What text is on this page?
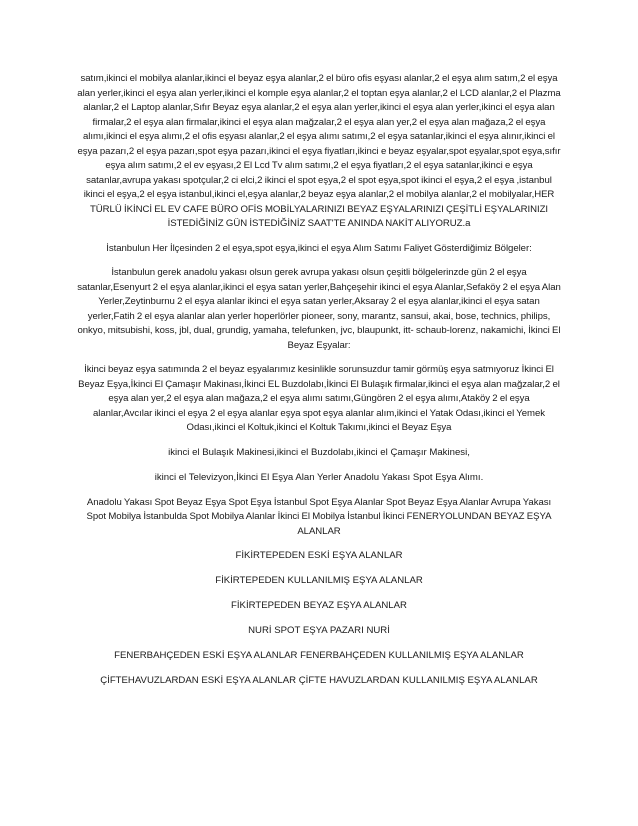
satım,ikinci el mobilya alanlar,ikinci el beyaz eşya alanlar,2 el büro ofis eşyası alanlar,2 el eşya alım satım,2 el eşya alan yerler,ikinci el eşya alan yerler,ikinci el komple eşya alanlar,2 el toptan eşya alanlar,2 el LCD alanlar,2 el Plazma alanlar,2 el Laptop alanlar,Sıfır Beyaz eşya alanlar,2 el eşya alan yerler,ikinci el eşya alan yerler,ikinci el eşya alan firmalar,2 el eşya alan firmalar,ikinci el eşya alan mağzalar,2 el eşya alan yer,2 el eşya alan mağaza,2 el eşya alımı,ikinci el eşya alımı,2 el ofis eşyası alanlar,2 el eşya alımı satımı,2 el eşya satanlar,ikinci el eşya alınır,ikinci el eşya pazarı,2 el eşya pazarı,spot eşya pazarı,ikinci el eşya fiyatları,ikinci e beyaz eşyalar,spot eşyalar,spot eşya,sıfır eşya alım satımı,2 el ev eşyası,2 El Lcd Tv alım satımı,2 el eşya fiyatları,2 el eşya satanlar,ikinci e eşya satanlar,avrupa yakası spotçular,2 ci elci,2 ikinci el spot eşya,2 el spot eşya,spot ikinci el eşya,2 el eşya ,istanbul ikinci el eşya,2 el eşya istanbul,ikinci el,eşya alanlar,2 beyaz eşya alanlar,2 el mobilya alanlar,2 el mobilyalar,HER TÜRLÜ İKİNCİ EL EV CAFE BÜRO OFİS MOBİLYALARINIZI BEYAZ EŞYALARINIZI ÇEŞİTLİ EŞYALARINIZI İSTEDİĞİNİZ GÜN İSTEDİĞİNİZ SAAT'TE ANINDA NAKİT ALIYORUZ.a

İstanbulun Her İlçesinden 2 el eşya,spot eşya,ikinci el eşya Alım Satımı Faliyet Gösterdiğimiz Bölgeler:

İstanbulun gerek anadolu yakası olsun gerek avrupa yakası olsun çeşitli bölgelerinzde gün 2 el eşya satanlar,Esenyurt 2 el eşya alanlar,ikinci el eşya satan yerler,Bahçeşehir ikinci el eşya Alanlar,Sefaköy 2 el eşya Alan Yerler,Zeytinburnu 2 el eşya alanlar ikinci el eşya satan yerler,Aksaray 2 el eşya alanlar,ikinci el eşya satan yerler,Fatih 2 el eşya alanlar alan yerler hoperlörler pioneer, sony, marantz, sansui, akai, bose, technics, philips, onkyo, mitsubishi, koss, jbl, dual, grundig, yamaha, telefunken, jvc, blaupunkt, itt- schaub-lorenz, nakamichi, İkinci El Beyaz Eşyalar:

İkinci beyaz eşya satımında 2 el beyaz eşyalarımız kesinlikle sorunsuzdur tamir görmüş eşya satmıyoruz İkinci El Beyaz Eşya,İkinci El Çamaşır Makinası,İkinci EL Buzdolabı,İkinci El Bulaşık firmalar,ikinci el eşya alan mağzalar,2 el eşya alan yer,2 el eşya alan mağaza,2 el eşya alımı satımı,Güngören 2 el eşya alımı,Ataköy 2 el eşya alanlar,Avcılar ikinci el eşya 2 el eşya alanlar eşya spot eşya alanlar alım,ikinci el Yatak Odası,ikinci el Yemek Odası,ikinci el Koltuk,ikinci el Koltuk Takımı,ikinci el Beyaz Eşya

ikinci el Bulaşık Makinesi,ikinci el Buzdolabı,ikinci el Çamaşır Makinesi,

ikinci el Televizyon,İkinci El Eşya Alan Yerler Anadolu Yakası Spot Eşya Alımı.

Anadolu Yakası Spot Beyaz Eşya Spot Eşya İstanbul Spot Eşya Alanlar Spot Beyaz Eşya Alanlar Avrupa Yakası Spot Mobilya İstanbulda Spot Mobilya Alanlar İkinci El Mobilya İstanbul İkinci FENERYOLUNDAN BEYAZ EŞYA ALANLAR

FİKİRTEPEDEN ESKİ EŞYA ALANLAR

FİKİRTEPEDEN KULLANILMIŞ EŞYA ALANLAR

FİKİRTEPEDEN BEYAZ EŞYA ALANLAR

NURİ SPOT EŞYA PAZARI NURİ

FENERBAHÇEDEN ESKİ EŞYA ALANLAR FENERBAHÇEDEN KULLANILMIŞ EŞYA ALANLAR

ÇİFTEHAVUZLARDAN ESKİ EŞYA ALANLAR ÇİFTE HAVUZLARDAN KULLANILMIŞ EŞYA ALANLAR
